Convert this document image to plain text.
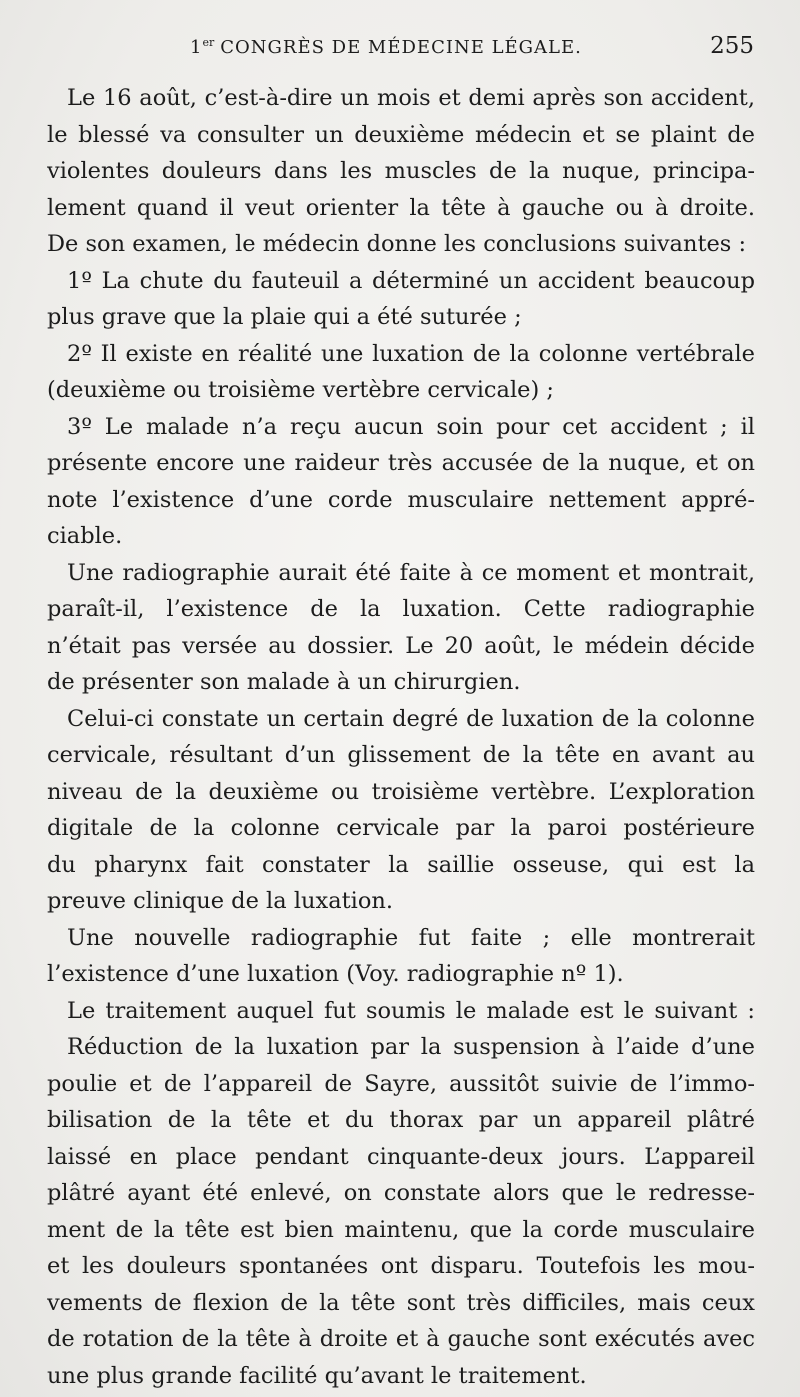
1er CONGRÈS DE MÉDECINE LÉGALE.	255
Le 16 août, c’est-à-dire un mois et demi après son accident,
le blessé va consulter un deuxième médecin et se plaint de
violentes douleurs dans les muscles de la nuque, principa-
lement quand il veut orienter la tête à gauche ou à droite.
De son examen, le médecin donne les conclusions suivantes :
1º La chute du fauteuil a déterminé un accident beaucoup
plus grave que la plaie qui a été suturée ;
2º Il existe en réalité une luxation de la colonne vertébrale
(deuxième ou troisième vertèbre cervicale) ;
3º Le malade n’a reçu aucun soin pour cet accident ; il
présente encore une raideur très accusée de la nuque, et on
note l’existence d’une corde musculaire nettement appré-
ciable.
Une radiographie aurait été faite à ce moment et montrait,
paraît-il, l’existence de la luxation. Cette radiographie
n’était pas versée au dossier. Le 20 août, le médein décide
de présenter son malade à un chirurgien.
Celui-ci constate un certain degré de luxation de la colonne
cervicale, résultant d’un glissement de la tête en avant au
niveau de la deuxième ou troisième vertèbre. L’exploration
digitale de la colonne cervicale par la paroi postérieure
du pharynx fait constater la saillie osseuse, qui est la
preuve clinique de la luxation.
Une nouvelle radiographie fut faite ; elle montrerait
l’existence d’une luxation (Voy. radiographie nº 1).
Le traitement auquel fut soumis le malade est le suivant :
Réduction de la luxation par la suspension à l’aide d’une
poulie et de l’appareil de Sayre, aussitôt suivie de l’immo-
bilisation de la tête et du thorax par un appareil plâtré
laissé en place pendant cinquante-deux jours. L’appareil
plâtré ayant été enlevé, on constate alors que le redresse-
ment de la tête est bien maintenu, que la corde musculaire
et les douleurs spontanées ont disparu. Toutefois les mou-
vements de flexion de la tête sont très difficiles, mais ceux
de rotation de la tête à droite et à gauche sont exécutés avec
une plus grande facilité qu’avant le traitement.
